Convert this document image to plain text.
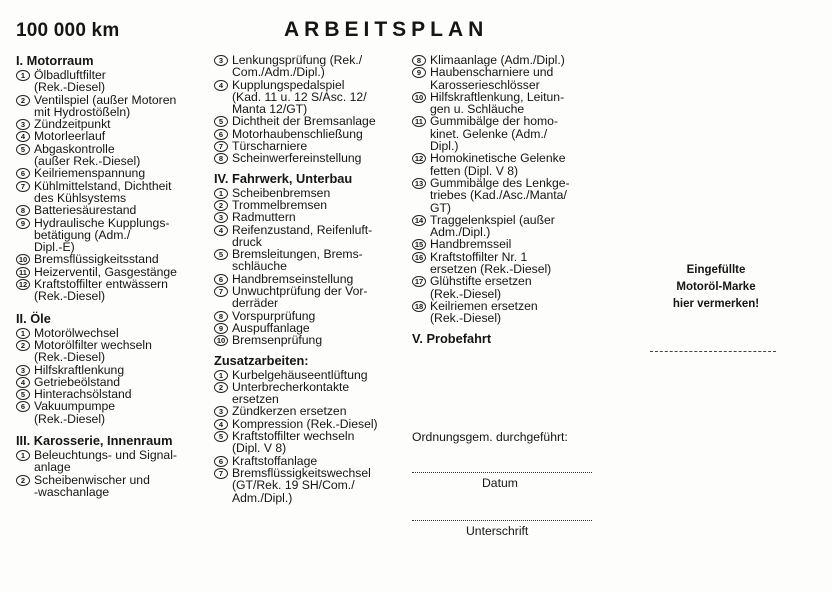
100 000 km	ARBEITSPLAN
I. Motorraum
1 Ölbadluftfilter
(Rek.-Diesel)
2 Ventilspiel (außer Motoren
mit Hydrostößeln)
3 Zündzeitpunkt
4 Motorleerlauf
5 Abgaskontrolle
(außer Rek.-Diesel)
6 Keilriemenspannung
7 Kühlmittelstand, Dichtheit
des Kühlsystems
8 Batteriesäurestand
9 Hydraulische Kupplungs-
betätigung (Adm./
Dipl.-E)
10 Bremsflüssigkeitsstand
11 Heizerventil, Gasgestänge
12 Kraftstoffilter entwässern
(Rek.-Diesel)
II. Öle
1 Motorölwechsel
2 Motorölfilter wechseln
(Rek.-Diesel)
3 Hilfskraftlenkung
4 Getriebeölstand
5 Hinterachsölstand
6 Vakuumpumpe
(Rek.-Diesel)
III. Karosserie, Innenraum
1 Beleuchtungs- und Signal-
anlage
2 Scheibenwischer und
-waschanlage
3 Lenkungsprüfung (Rek./
Com./Adm./Dipl.)
4 Kupplungspedalspiel
(Kad. 11 u. 12 S/Asc. 12/
Manta 12/GT)
5 Dichtheit der Bremsanlage
6 Motorhaubenschließung
7 Türscharniere
8 Scheinwerfereinstellung
IV. Fahrwerk, Unterbau
1 Scheibenbremsen
2 Trommelbremsen
3 Radmuttern
4 Reifenzustand, Reifenluft-
druck
5 Bremsleitungen, Brems-
schläuche
6 Handbremseinstellung
7 Unwuchtprüfung der Vor-
derräder
8 Vorspurprüfung
9 Auspuffanlage
10 Bremsenprüfung
Zusatzarbeiten:
1 Kurbelgehäuseentlüftung
2 Unterbrecherkontakte
ersetzen
3 Zündkerzen ersetzen
4 Kompression (Rek.-Diesel)
5 Kraftstoffilter wechseln
(Dipl. V 8)
6 Kraftstoffanlage
7 Bremsflüssigkeitswechsel
(GT/Rek. 19 SH/Com./
Adm./Dipl.)
8 Klimaanlage (Adm./Dipl.)
9 Haubenscharniere und
Karosserieschlösser
10 Hilfskraftlenkung, Leitun-
gen u. Schläuche
11 Gummibälge der homo-
kinet. Gelenke (Adm./
Dipl.)
12 Homokinetische Gelenke
fetten (Dipl. V 8)
13 Gummibälge des Lenkge-
triebes (Kad./Asc./Manta/
GT)
14 Traggelenkspiel (außer
Adm./Dipl.)
15 Handbremsseil
16 Kraftstoffilter Nr. 1
ersetzen (Rek.-Diesel)
17 Glühstifte ersetzen
(Rek.-Diesel)
18 Keilriemen ersetzen
(Rek.-Diesel)
V. Probefahrt
Ordnungsgem. durchgeführt:
Datum
Unterschrift
Eingefüllte
Motoröl-Marke
hier vermerken!
